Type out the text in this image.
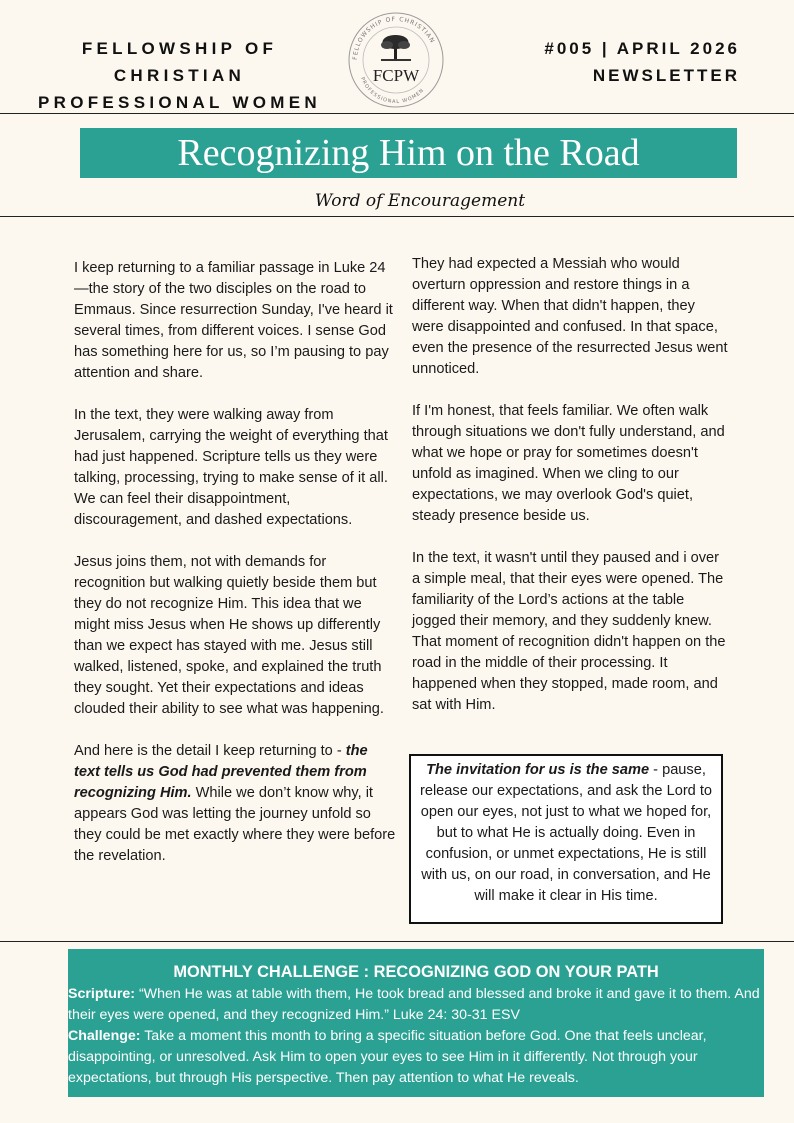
FELLOWSHIP OF CHRISTIAN
PROFESSIONAL WOMEN
FELLOWSHIP OF CHRISTIAN
PROFESSIONAL WOMEN
FCPW
#005 | APRIL 2026
NEWSLETTER
Recognizing Him on the Road
Word of Encouragement

I keep returning to a familiar passage in Luke 24—the story of the two disciples on the road to Emmaus. Since resurrection Sunday, I've heard it several times, from different voices. I sense God has something here for us, so I’m pausing to pay attention and share.

In the text, they were walking away from Jerusalem, carrying the weight of everything that had just happened. Scripture tells us they were talking, processing, trying to make sense of it all. We can feel their disappointment, discouragement, and dashed expectations.

Jesus joins them, not with demands for recognition but walking quietly beside them but they do not recognize Him. This idea that we might miss Jesus when He shows up differently than we expect has stayed with me. Jesus still walked, listened, spoke, and explained the truth they sought. Yet their expectations and ideas clouded their ability to see what was happening.

And here is the detail I keep returning to - the text tells us God had prevented them from recognizing Him. While we don’t know why, it appears God was letting the journey unfold so they could be met exactly where they were before the revelation.

They had expected a Messiah who would overturn oppression and restore things in a different way. When that didn't happen, they were disappointed and confused. In that space, even the presence of the resurrected Jesus went unnoticed.

If I'm honest, that feels familiar. We often walk through situations we don't fully understand, and what we hope or pray for sometimes doesn't unfold as imagined. When we cling to our expectations, we may overlook God's quiet, steady presence beside us.

In the text, it wasn't until they paused and i over a simple meal, that their eyes were opened. The familiarity of the Lord’s actions at the table jogged their memory, and they suddenly knew. That moment of recognition didn't happen on the road in the middle of their processing. It happened when they stopped, made room, and sat with Him.

The invitation for us is the same - pause, release our expectations, and ask the Lord to open our eyes, not just to what we hoped for, but to what He is actually doing. Even in confusion, or unmet expectations, He is still with us, on our road, in conversation, and He will make it clear in His time.
MONTHLY CHALLENGE : RECOGNIZING GOD ON YOUR PATH

Scripture: “When He was at table with them, He took bread and blessed and broke it and gave it to them. And their eyes were opened, and they recognized Him.” Luke 24: 30-31 ESV

Challenge: Take a moment this month to bring a specific situation before God. One that feels unclear, disappointing, or unresolved. Ask Him to open your eyes to see Him in it differently. Not through your expectations, but through His perspective. Then pay attention to what He reveals.
